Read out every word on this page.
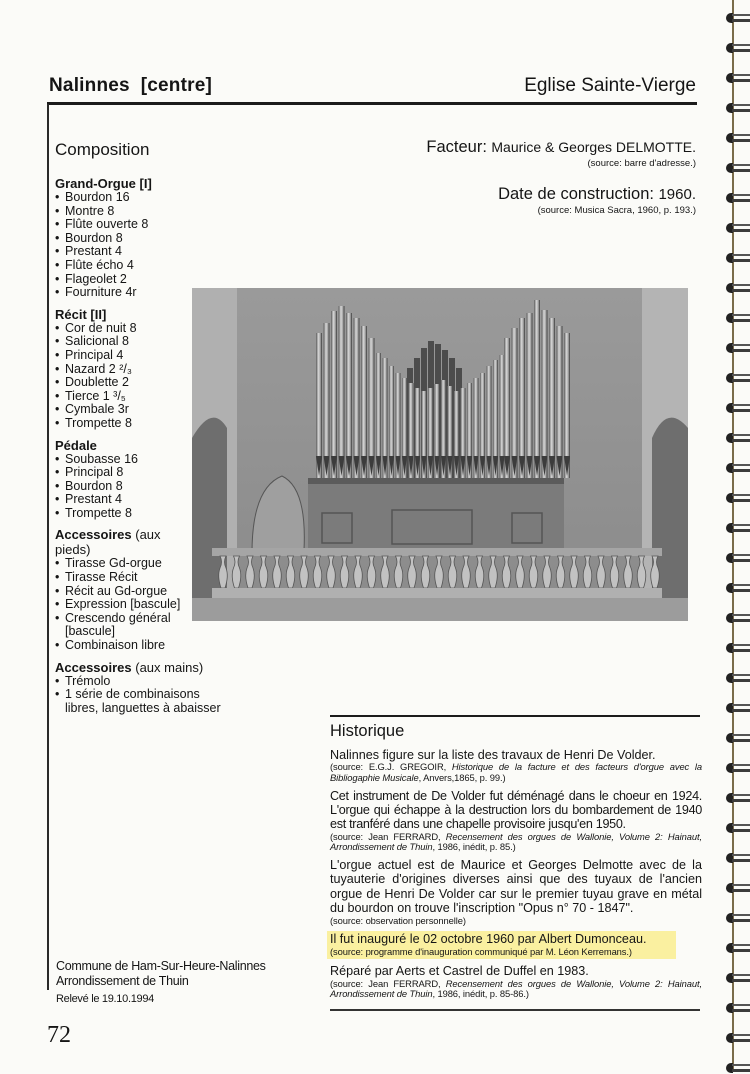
Nalinnes  [centre]	Eglise Sainte-Vierge
Composition
Grand-Orgue [I]
• Bourdon 16
• Montre 8
• Flûte ouverte 8
• Bourdon 8
• Prestant 4
• Flûte écho 4
• Flageolet 2
• Fourniture 4r
Récit [II]
• Cor de nuit 8
• Salicional 8
• Principal 4
• Nazard 2 ²/₃
• Doublette 2
• Tierce 1 ³/₅
• Cymbale 3r
• Trompette 8
Pédale
• Soubasse 16
• Principal 8
• Bourdon 8
• Prestant 4
• Trompette 8
Accessoires (aux pieds)
• Tirasse Gd-orgue
• Tirasse Récit
• Récit au Gd-orgue
• Expression [bascule]
• Crescendo général [bascule]
• Combinaison libre
Accessoires (aux mains)
• Trémolo
• 1 série de combinaisons libres, languettes à abaisser
Facteur: Maurice & Georges DELMOTTE.
(source: barre d'adresse.)
Date de construction: 1960.
(source: Musica Sacra, 1960, p. 193.)
Historique
Nalinnes figure sur la liste des travaux de Henri De Volder.
(source: E.G.J. GREGOIR, Historique de la facture et des facteurs d'orgue avec la Bibliogaphie Musicale, Anvers,1865, p. 99.)
Cet instrument de De Volder fut déménagé dans le choeur en 1924. L'orgue qui échappe à la destruction lors du bombardement de 1940 est tranféré dans une chapelle provisoire jusqu'en 1950.
(source: Jean FERRARD, Recensement des orgues de Wallonie, Volume 2: Hainaut, Arrondissement de Thuin, 1986, inédit, p. 85.)
L'orgue actuel est de Maurice et Georges Delmotte avec de la tuyauterie d'origines diverses ainsi que des tuyaux de l'ancien orgue de Henri De Volder car sur le premier tuyau grave en métal du bourdon on trouve l'inscription "Opus n° 70 - 1847".
(source: observation personnelle)
Il fut inauguré le 02 octobre 1960 par Albert Dumonceau.
(source: programme d'inauguration communiqué par M. Léon Kerremans.)
Réparé par Aerts et Castrel de Duffel en 1983.
(source: Jean FERRARD, Recensement des orgues de Wallonie, Volume 2: Hainaut, Arrondissement de Thuin, 1986, inédit, p. 85-86.)
Commune de Ham-Sur-Heure-Nalinnes
Arrondissement de Thuin
Relevé le 19.10.1994
72
